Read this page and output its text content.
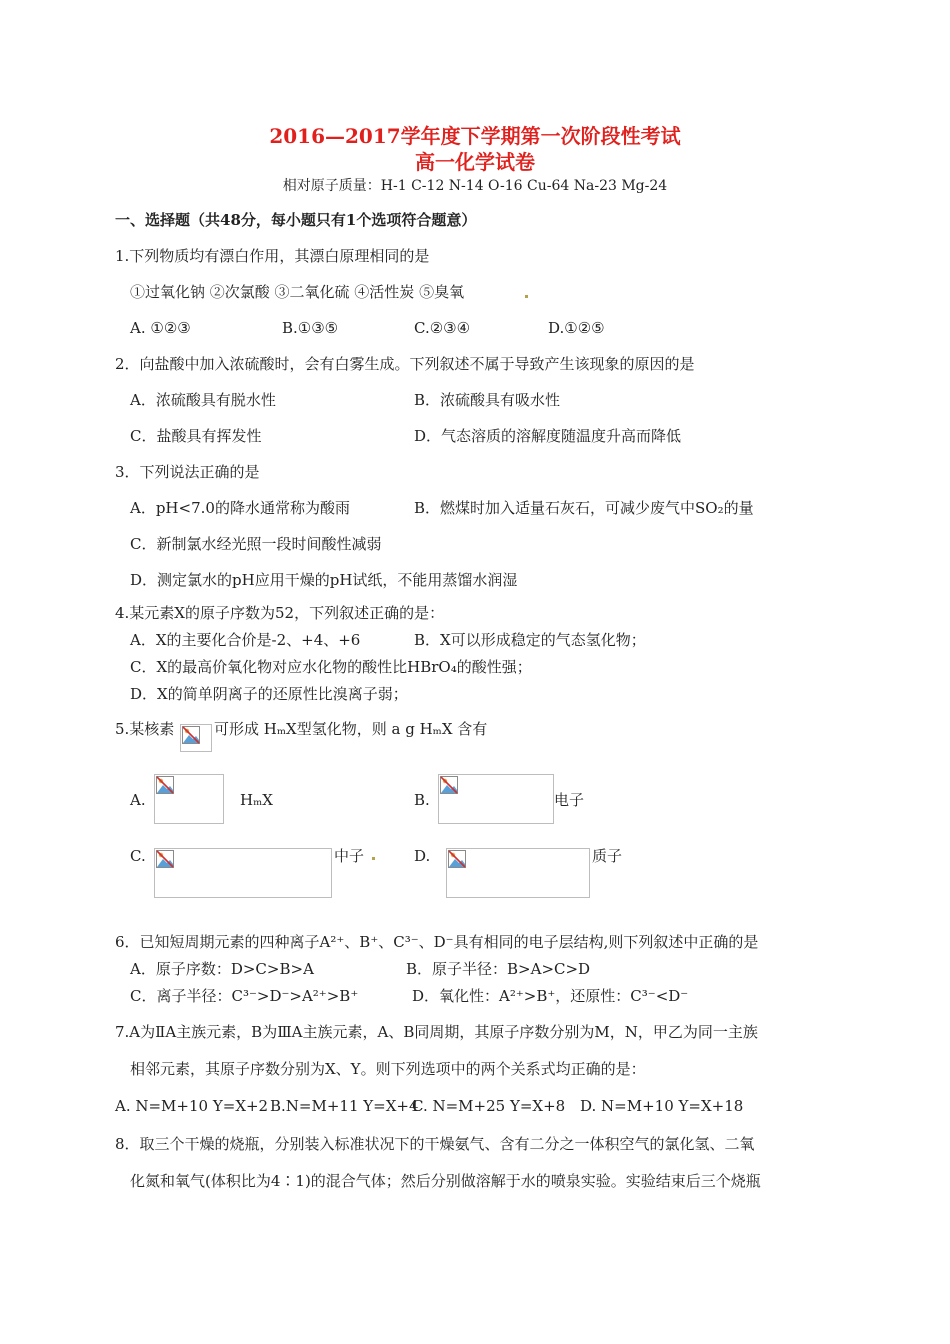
2016—2017学年度下学期第一次阶段性考试
高一化学试卷
相对原子质量：H-1 C-12 N-14 O-16 Cu-64 Na-23 Mg-24
一、选择题（共48分，每小题只有1个选项符合题意）
1.下列物质均有漂白作用，其漂白原理相同的是
①过氧化钠 ②次氯酸 ③二氧化硫 ④活性炭 ⑤臭氧
A. ①②③	B.①③⑤	C.②③④	D.①②⑤
2．向盐酸中加入浓硫酸时，会有白雾生成。下列叙述不属于导致产生该现象的原因的是
A．浓硫酸具有脱水性	B．浓硫酸具有吸水性
C．盐酸具有挥发性	D．气态溶质的溶解度随温度升高而降低
3．下列说法正确的是
A．pH<7.0的降水通常称为酸雨	B．燃煤时加入适量石灰石，可减少废气中SO₂的量
C．新制氯水经光照一段时间酸性减弱
D．测定氯水的pH应用干燥的pH试纸，不能用蒸馏水润湿
4.某元素X的原子序数为52，下列叙述正确的是：
A．X的主要化合价是-2、+4、+6	B．X可以形成稳定的气态氢化物；
C．X的最高价氧化物对应水化物的酸性比HBrO₄的酸性强；
D．X的简单阴离子的还原性比溴离子弱；
5.某核素	可形成 HₘX型氢化物，则 a g HₘX 含有
A.	HₘX	B.	电子
C.	中子	D.	质子
6．已知短周期元素的四种离子A²⁺、B⁺、C³⁻、D⁻具有相同的电子层结构,则下列叙述中正确的是
A．原子序数：D>C>B>A	B．原子半径：B>A>C>D
C．离子半径：C³⁻>D⁻>A²⁺>B⁺	D．氧化性：A²⁺>B⁺，还原性：C³⁻<D⁻
7.A为ⅡA主族元素，B为ⅢA主族元素，A、B同周期，其原子序数分别为M，N，甲乙为同一主族
相邻元素，其原子序数分别为X、Y。则下列选项中的两个关系式均正确的是：
A. N=M+10 Y=X+2 B.N=M+11 Y=X+4
C. N=M+25 Y=X+8 D. N=M+10 Y=X+18
8．取三个干燥的烧瓶，分别装入标准状况下的干燥氨气、含有二分之一体积空气的氯化氢、二氧
化氮和氧气(体积比为4∶1)的混合气体；然后分别做溶解于水的喷泉实验。实验结束后三个烧瓶
